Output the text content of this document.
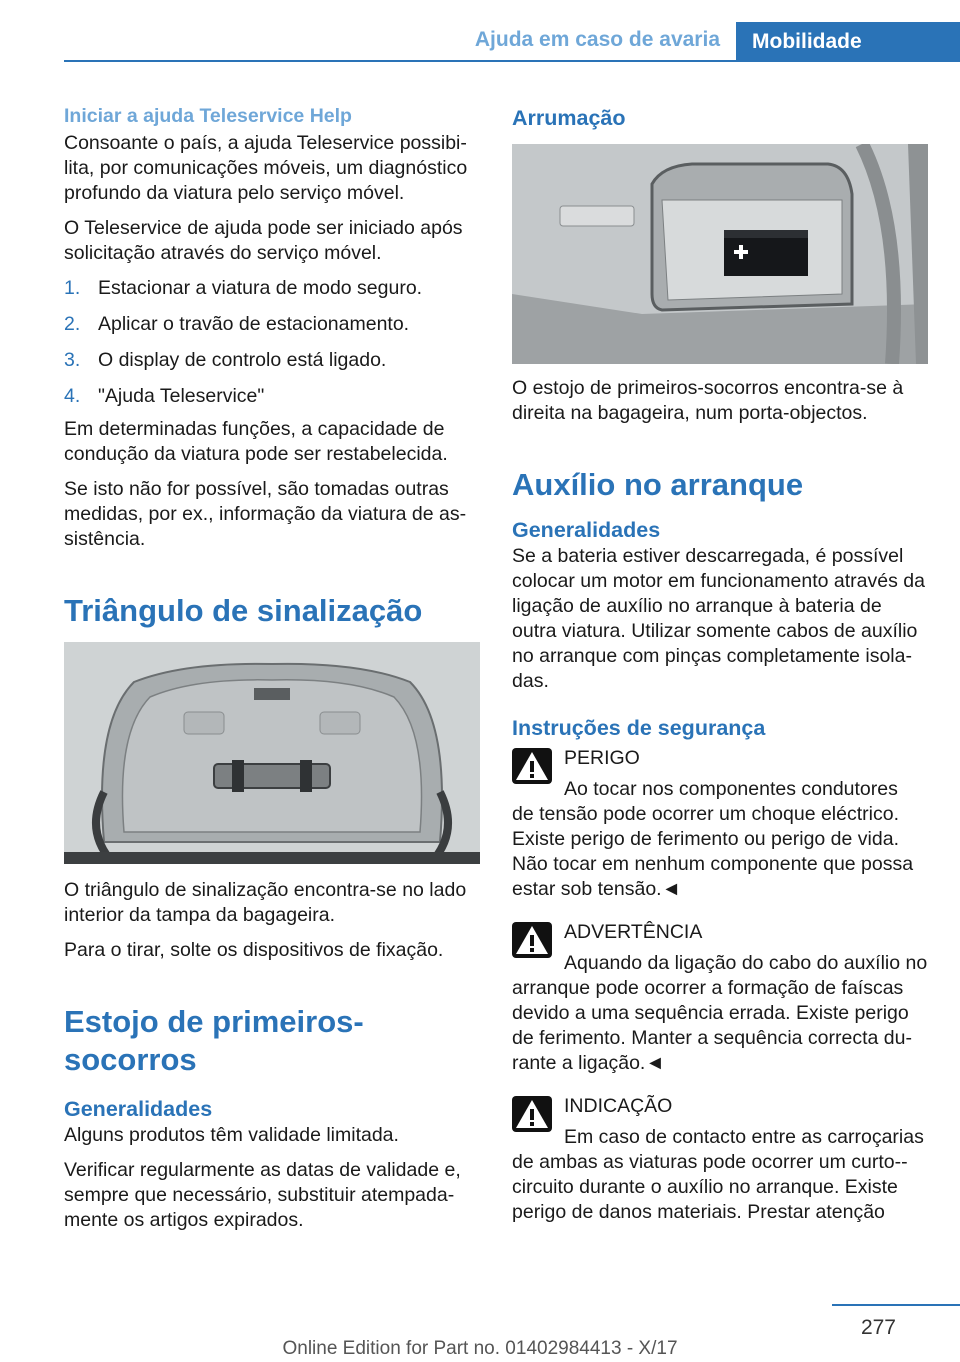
Ajuda em caso de avaria	Mobilidade
Iniciar a ajuda Teleservice Help

Consoante o país, a ajuda Teleservice possibilita, por comunicações móveis, um diagnóstico profundo da viatura pelo serviço móvel.

O Teleservice de ajuda pode ser iniciado após solicitação através do serviço móvel.

1. Estacionar a viatura de modo seguro.
2. Aplicar o travão de estacionamento.
3. O display de controlo está ligado.
4. "Ajuda Teleservice"

Em determinadas funções, a capacidade de condução da viatura pode ser restabelecida.

Se isto não for possível, são tomadas outras medidas, por ex., informação da viatura de assistência.

Triângulo de sinalização

O triângulo de sinalização encontra-se no lado interior da tampa da bagageira.

Para o tirar, solte os dispositivos de fixação.

Estojo de primeiros-socorros
Generalidades

Alguns produtos têm validade limitada.

Verificar regularmente as datas de validade e, sempre que necessário, substituir atempadamente os artigos expirados.

Arrumação

O estojo de primeiros-socorros encontra-se à direita na bagageira, num porta-objectos.

Auxílio no arranque
Generalidades

Se a bateria estiver descarregada, é possível colocar um motor em funcionamento através da ligação de auxílio no arranque à bateria de outra viatura. Utilizar somente cabos de auxílio no arranque com pinças completamente isoladas.

Instruções de segurança
PERIGO
Ao tocar nos componentes condutores
de tensão pode ocorrer um choque eléctrico. Existe perigo de ferimento ou perigo de vida. Não tocar em nenhum componente que possa estar sob tensão.◄
ADVERTÊNCIA
Aquando da ligação do cabo do auxílio no
arranque pode ocorrer a formação de faíscas devido a uma sequência errada. Existe perigo de ferimento. Manter a sequência correcta durante a ligação.◄
INDICAÇÃO
Em caso de contacto entre as carroçarias
de ambas as viaturas pode ocorrer um curto-circuito durante o auxílio no arranque. Existe perigo de danos materiais. Prestar atenção
277
Online Edition for Part no. 01402984413 - X/17
